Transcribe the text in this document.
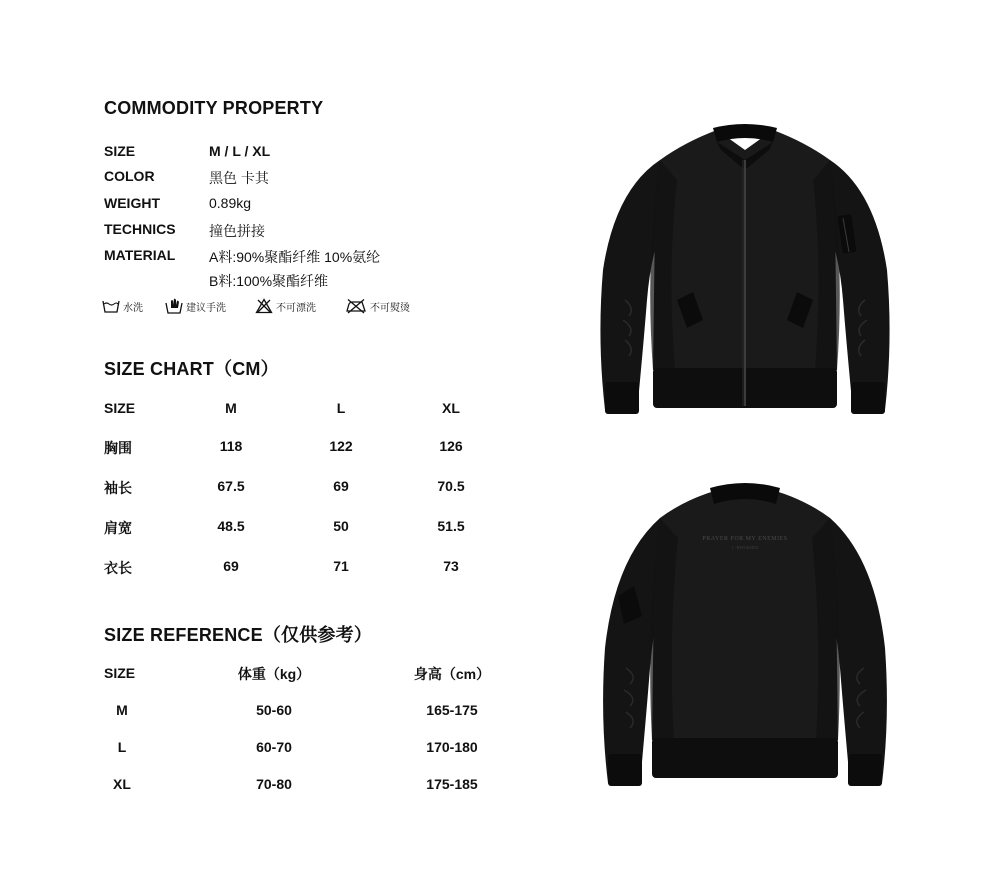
COMMODITY PROPERTY
SIZE	M / L / XL
COLOR	黑色 卡其
WEIGHT	0.89kg
TECHNICS 撞色拼接
MATERIAL A料:90%聚酯纤维 10%氨纶
B料:100%聚酯纤维
水洗	建议手洗	不可漂洗	不可熨烫
SIZE CHART（CM）
SIZE	M	L	XL
胸围	118	122	126
袖长	67.5	69	70.5
肩宽	48.5	50	51.5
衣长	69	71	73
SIZE REFERENCE（仅供参考）
SIZE	体重（kg）	身高（cm）
M	50-60	165-175
L	60-70	170-180
XL	70-80	175-185
PRAYER FOR MY ENEMIES
1 · REFORMED
